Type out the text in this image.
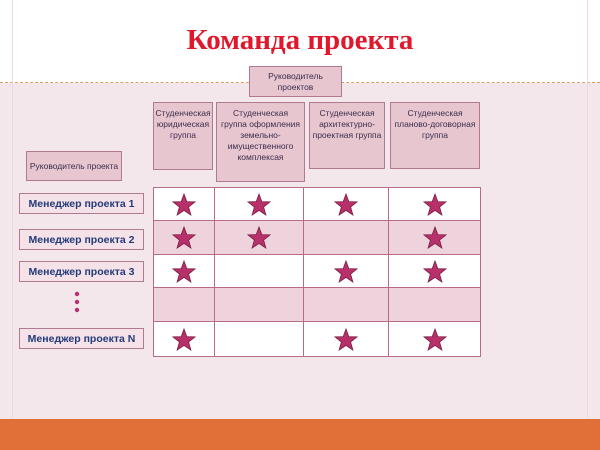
Команда проекта
Руководитель проектов
Руководитель проекта
Студенческая юридическая группа
Студенческая группа оформления земельно-имущественного комплексая
Студенческая архитектурно-проектная группа
Студенческая планово-договорная группа
Менеджер проекта 1
Менеджер проекта 2
Менеджер проекта 3
Менеджер проекта N
